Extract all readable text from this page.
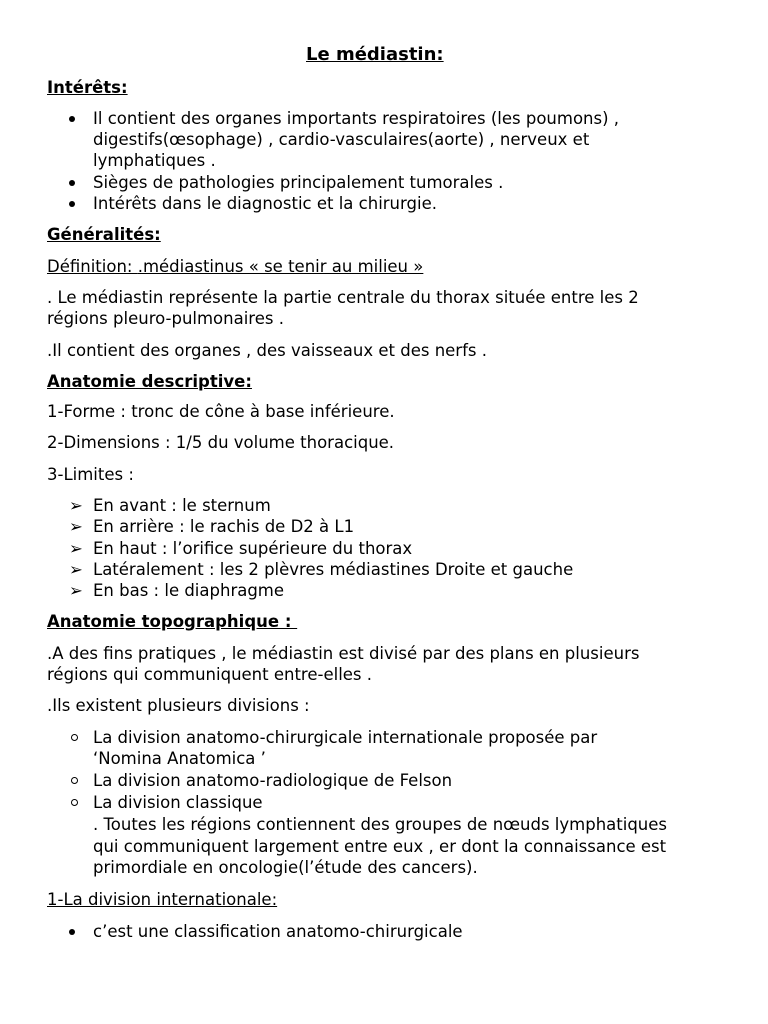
Le médiastin:
Intérêts:
Il contient des organes importants respiratoires (les poumons) ,
digestifs(œsophage) , cardio-vasculaires(aorte) , nerveux et
lymphatiques .
Sièges de pathologies principalement tumorales .
Intérêts dans le diagnostic et la chirurgie.
Généralités:
Définition: .médiastinus « se tenir au milieu »
. Le médiastin représente la partie centrale du thorax située entre les 2
régions pleuro-pulmonaires .
.Il contient des organes , des vaisseaux et des nerfs .
Anatomie descriptive:
1-Forme : tronc de cône à base inférieure.
2-Dimensions : 1/5 du volume thoracique.
3-Limites :
➢ En avant : le sternum
➢ En arrière : le rachis de D2 à L1
➢ En haut : l’orifice supérieure du thorax
➢ Latéralement : les 2 plèvres médiastines Droite et gauche
➢ En bas : le diaphragme
Anatomie topographique :
.A des fins pratiques , le médiastin est divisé par des plans en plusieurs
régions qui communiquent entre-elles .
.Ils existent plusieurs divisions :
La division anatomo-chirurgicale internationale proposée par
‘Nomina Anatomica ’
La division anatomo-radiologique de Felson
La division classique
. Toutes les régions contiennent des groupes de nœuds lymphatiques
qui communiquent largement entre eux , er dont la connaissance est
primordiale en oncologie(l’étude des cancers).
1-La division internationale:
c’est une classification anatomo-chirurgicale
